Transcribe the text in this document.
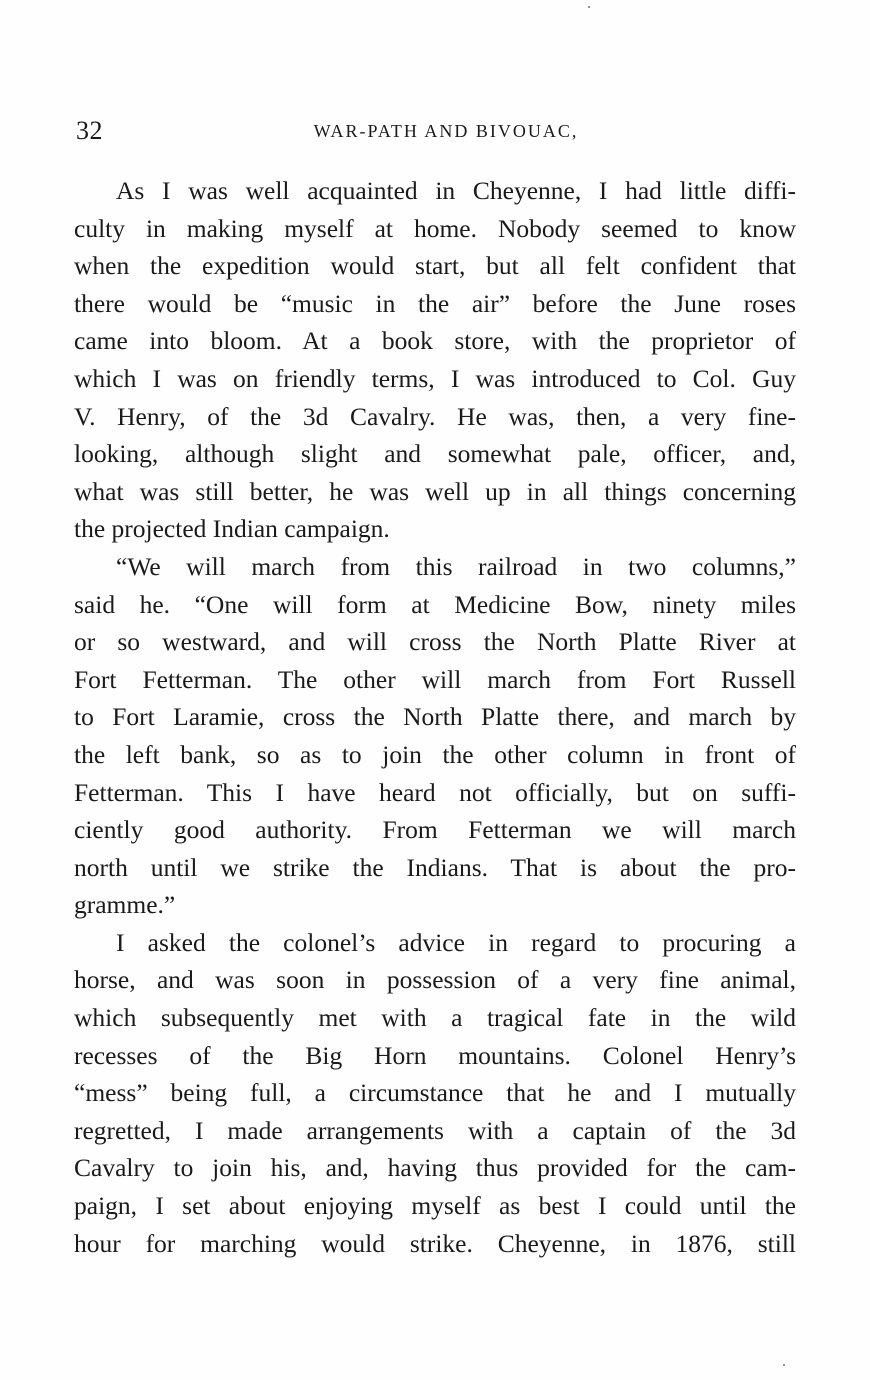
32	WAR-PATH AND BIVOUAC,
As I was well acquainted in Cheyenne, I had little diffi-
culty in making myself at home. Nobody seemed to know
when the expedition would start, but all felt confident that
there would be “music in the air” before the June roses
came into bloom. At a book store, with the proprietor of
which I was on friendly terms, I was introduced to Col. Guy
V. Henry, of the 3d Cavalry. He was, then, a very fine-
looking, although slight and somewhat pale, officer, and,
what was still better, he was well up in all things concerning
the projected Indian campaign.
“We will march from this railroad in two columns,”
said he. “One will form at Medicine Bow, ninety miles
or so westward, and will cross the North Platte River at
Fort Fetterman. The other will march from Fort Russell
to Fort Laramie, cross the North Platte there, and march by
the left bank, so as to join the other column in front of
Fetterman. This I have heard not officially, but on suffi-
ciently good authority. From Fetterman we will march
north until we strike the Indians. That is about the pro-
gramme.”
I asked the colonel’s advice in regard to procuring a
horse, and was soon in possession of a very fine animal,
which subsequently met with a tragical fate in the wild
recesses of the Big Horn mountains. Colonel Henry’s
“mess” being full, a circumstance that he and I mutually
regretted, I made arrangements with a captain of the 3d
Cavalry to join his, and, having thus provided for the cam-
paign, I set about enjoying myself as best I could until the
hour for marching would strike. Cheyenne, in 1876, still
